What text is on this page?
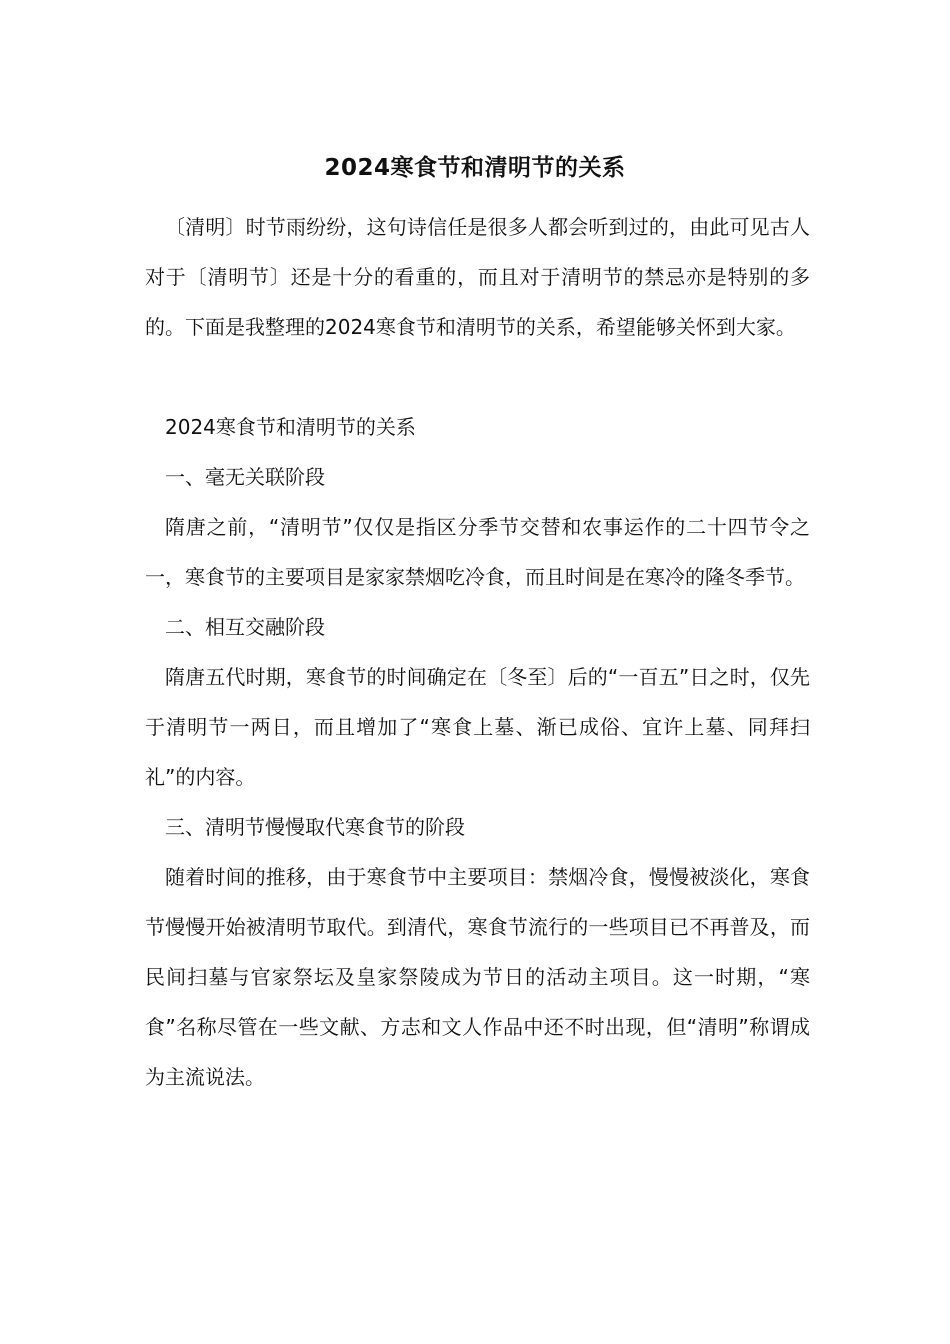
2024寒食节和清明节的关系

〔清明〕时节雨纷纷，这句诗信任是很多人都会听到过的，由此可见古人对于〔清明节〕还是十分的看重的，而且对于清明节的禁忌亦是特别的多的。下面是我整理的2024寒食节和清明节的关系，希望能够关怀到大家。

2024寒食节和清明节的关系

一、毫无关联阶段

隋唐之前，“清明节”仅仅是指区分季节交替和农事运作的二十四节令之一，寒食节的主要项目是家家禁烟吃冷食，而且时间是在寒冷的隆冬季节。

二、相互交融阶段

隋唐五代时期，寒食节的时间确定在〔冬至〕后的“一百五”日之时，仅先于清明节一两日，而且增加了“寒食上墓、渐已成俗、宜许上墓、同拜扫礼”的内容。

三、清明节慢慢取代寒食节的阶段

随着时间的推移，由于寒食节中主要项目：禁烟冷食，慢慢被淡化，寒食节慢慢开始被清明节取代。到清代，寒食节流行的一些项目已不再普及，而民间扫墓与官家祭坛及皇家祭陵成为节日的活动主项目。这一时期，“寒食”名称尽管在一些文献、方志和文人作品中还不时出现，但“清明”称谓成为主流说法。
